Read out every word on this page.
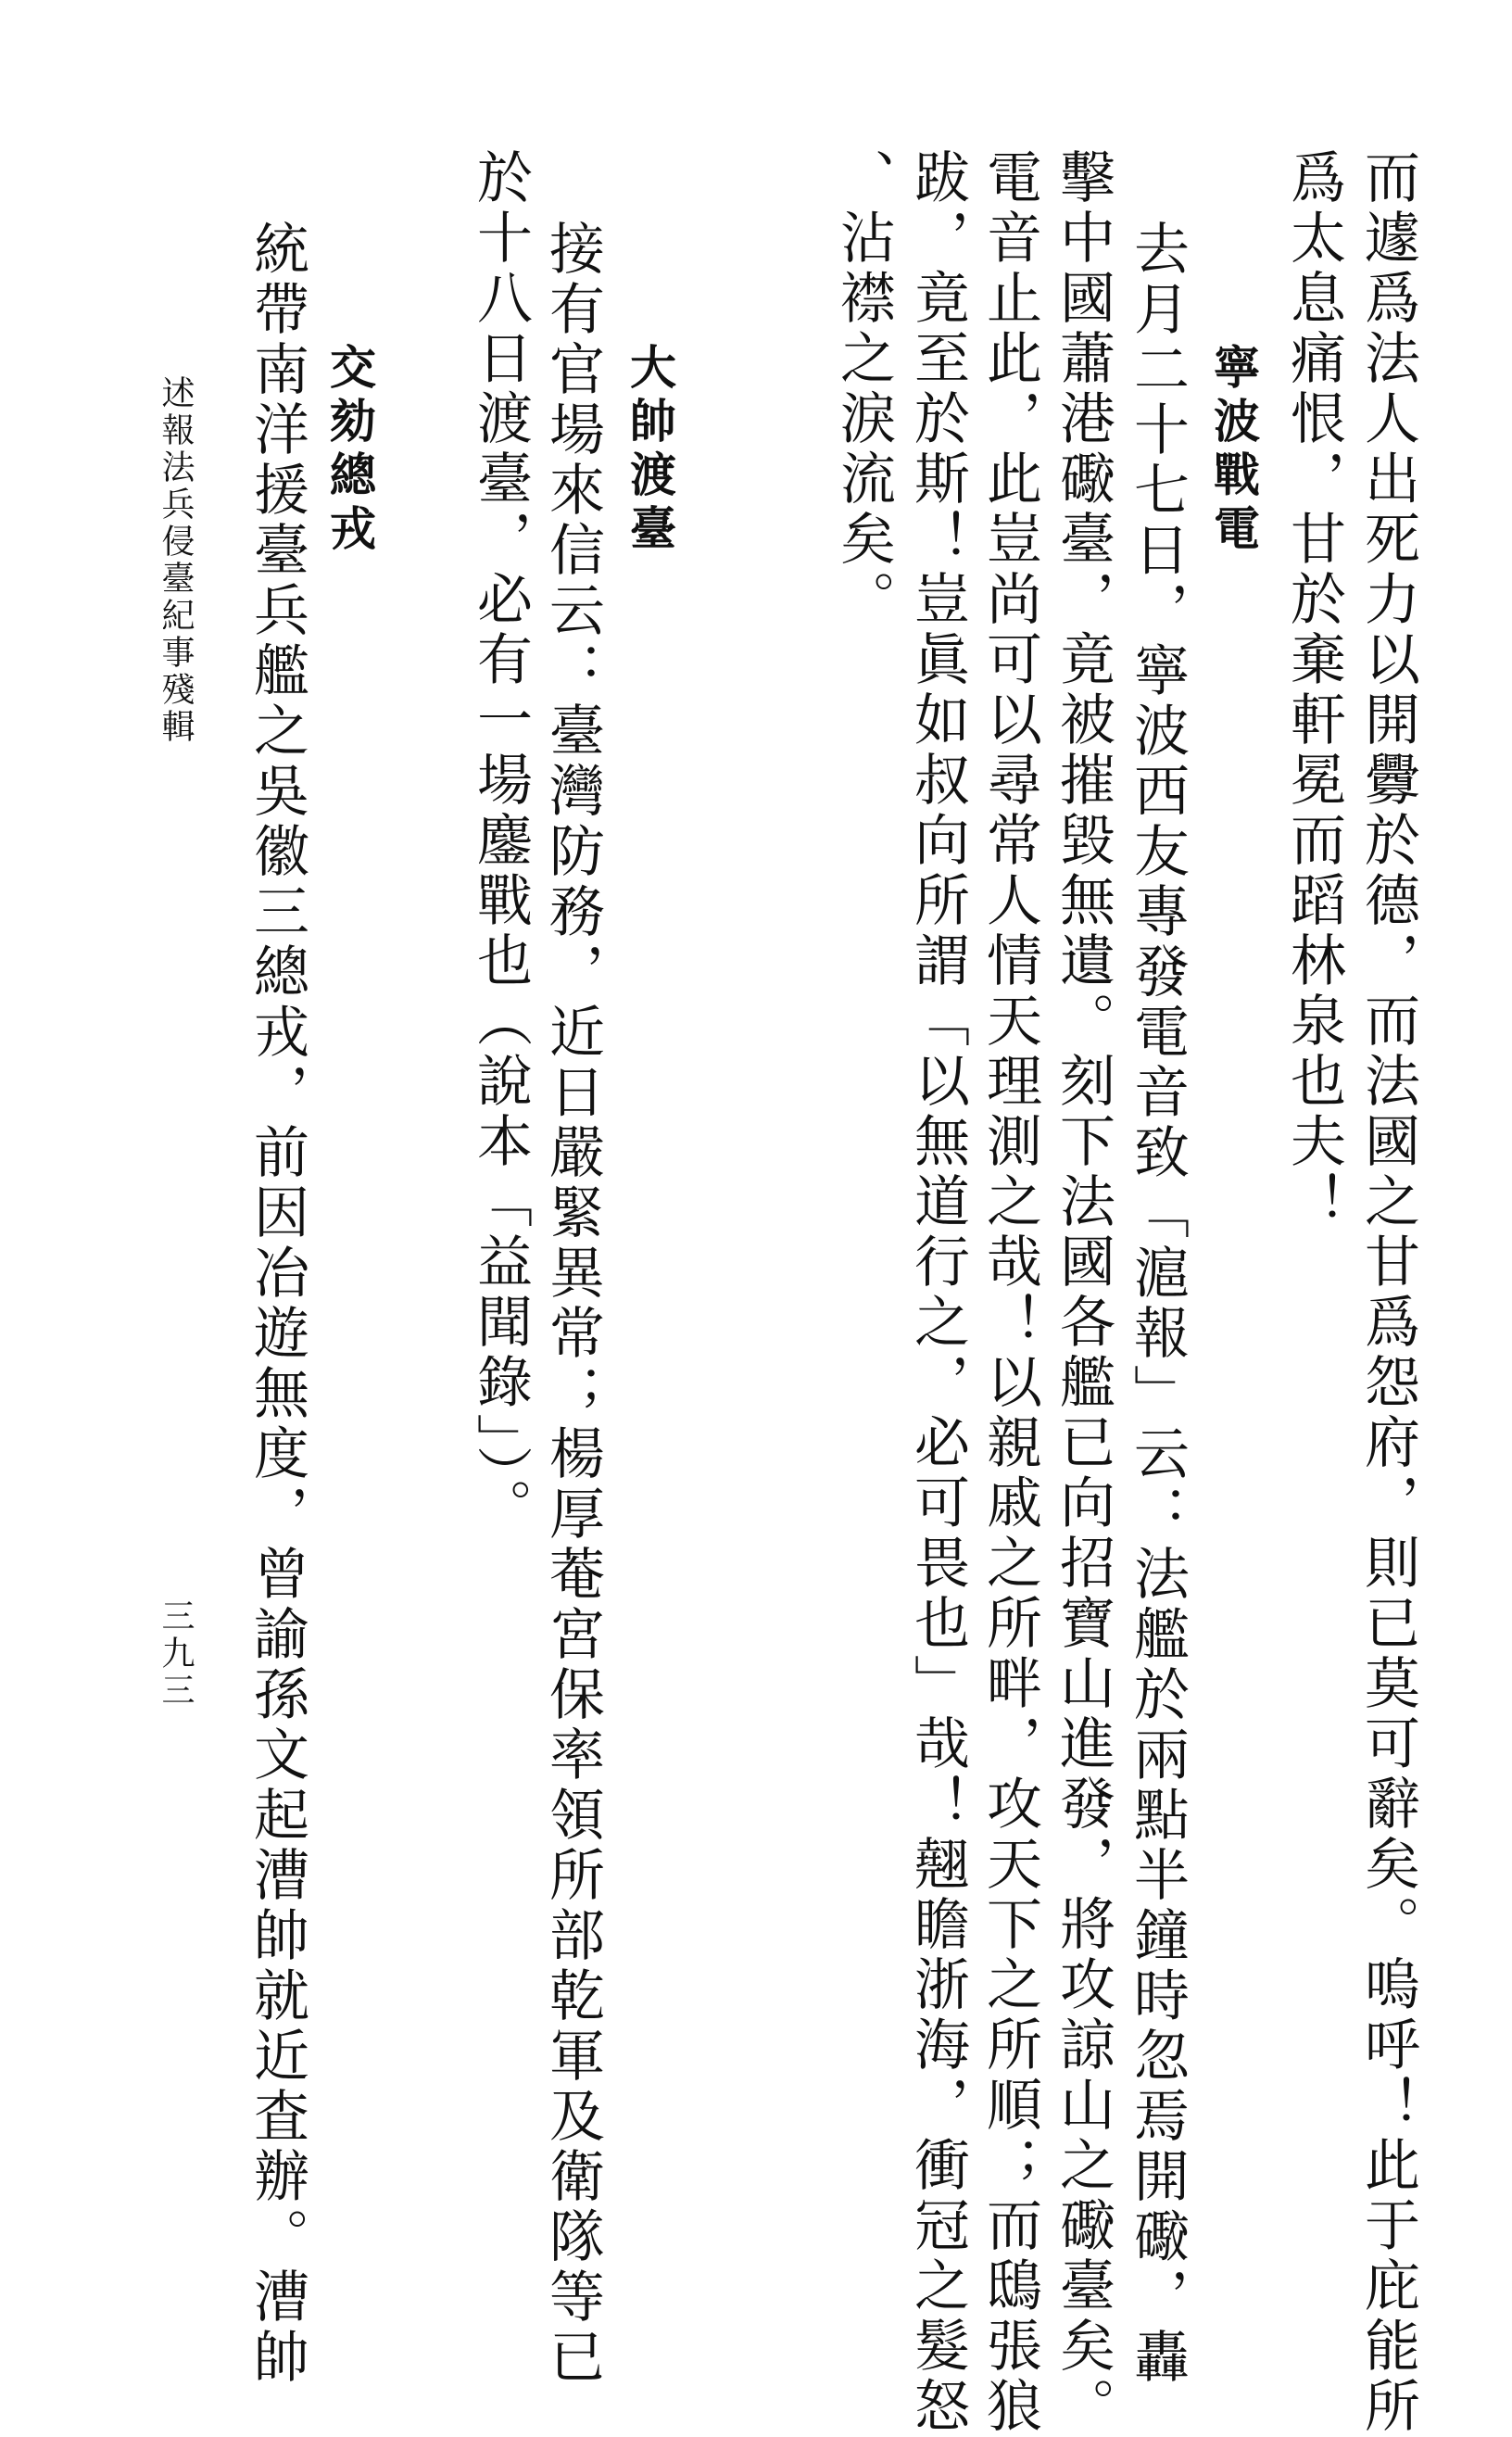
而遽爲法人出死力以開釁於德，而法國之甘爲怨府，則已莫可辭矣。嗚呼！此于庇能所
爲太息痛恨，甘於棄軒冕而蹈林泉也夫！
寧波戰電
去月二十七日，寧波西友專發電音致「滬報」云：法艦於兩點半鐘時忽焉開礮，轟
擊中國蕭港礮臺，竟被摧毀無遺。刻下法國各艦已向招寶山進發，將攻諒山之礮臺矣。
電音止此，此豈尚可以尋常人情天理測之哉！以親戚之所畔，攻天下之所順；而鴟張狼
跋，竟至於斯！豈眞如叔向所謂「以無道行之，必可畏也」哉！翹瞻浙海，衝冠之髮怒
、沾襟之淚流矣。
大帥渡臺
接有官場來信云：臺灣防務，近日嚴緊異常；楊厚菴宮保率領所部乾軍及衛隊等已
於十八日渡臺，必有一場鏖戰也（說本「益聞錄」）。
交劾總戎
統帶南洋援臺兵艦之吳徽三總戎，前因冶遊無度，曾諭孫文起漕帥就近査辦。漕帥
述報法兵侵臺紀事殘輯
三九三
